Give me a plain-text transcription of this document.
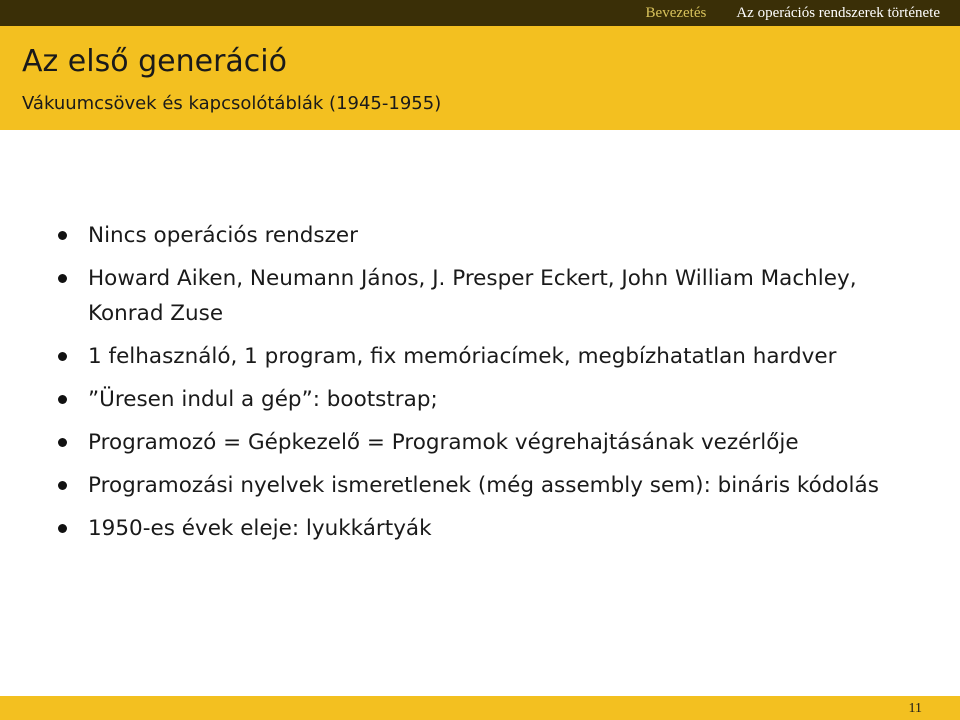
Bevezetés Az operációs rendszerek története
Az első generáció

Vákuumcsövek és kapcsolótáblák (1945-1955)

Nincs operációs rendszer
Howard Aiken, Neumann János, J. Presper Eckert, John William Machley, Konrad Zuse
1 felhasználó, 1 program, fix memóriacímek, megbízhatatlan hardver
”Üresen indul a gép”: bootstrap;
Programozó = Gépkezelő = Programok végrehajtásának vezérlője
Programozási nyelvek ismeretlenek (még assembly sem): bináris kódolás
1950-es évek eleje: lyukkártyák
11
